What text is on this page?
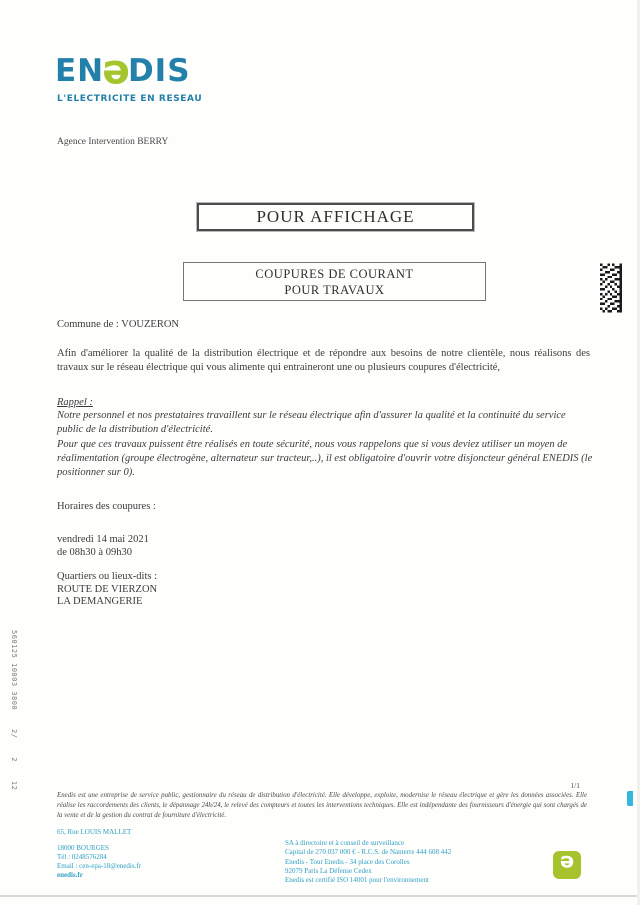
EN
e
DIS
L'ELECTRICITE EN RESEAU
Agence Intervention BERRY
POUR AFFICHAGE
COUPURES DE COURANT
POUR TRAVAUX
Commune de : VOUZERON
Afin d'améliorer la qualité de la distribution électrique et de répondre aux besoins de notre clientèle, nous réalisons des travaux sur le réseau électrique qui vous alimente qui entraineront une ou plusieurs coupures d'électricité,
Rappel :
Notre personnel et nos prestataires travaillent sur le réseau électrique afin d'assurer la qualité et la continuité du service public de la distribution d'électricité.
Pour que ces travaux puissent être réalisés en toute sécurité, nous vous rappelons que si vous deviez utiliser un moyen de réalimentation (groupe électrogène, alternateur sur tracteur,..), il est obligatoire d'ouvrir votre disjoncteur général ENEDIS (le positionner sur 0).
Horaires des coupures :
vendredi 14 mai 2021
de 08h30 à 09h30
Quartiers ou lieux-dits :
ROUTE DE VIERZON
LA DEMANGERIE
560125 10003 3800    2/    2    12	1/1
Enedis est une entreprise de service public, gestionnaire du réseau de distribution d'électricité. Elle développe, exploite, modernise le réseau électrique et gère les données associées. Elle réalise les raccordements des clients, le dépannage 24h/24, le relevé des compteurs et toutes les interventions techniques. Elle est indépendante des fournisseurs d'énergie qui sont chargés de la vente et de la gestion du contrat de fourniture d'électricité.
65, Rue LOUIS MALLET
18000 BOURGES
Tél : 0248576284
Email : cen-epa-18@enedis.fr
enedis.fr
SA à directoire et à conseil de surveillance
Capital de 270 037 000 € - R.C.S. de Nanterre 444 608 442
Enedis - Tour Enedis - 34 place des Corolles
92079 Paris La Défense Cedex
Enedis est certifié ISO 14001 pour l'environnement
e
